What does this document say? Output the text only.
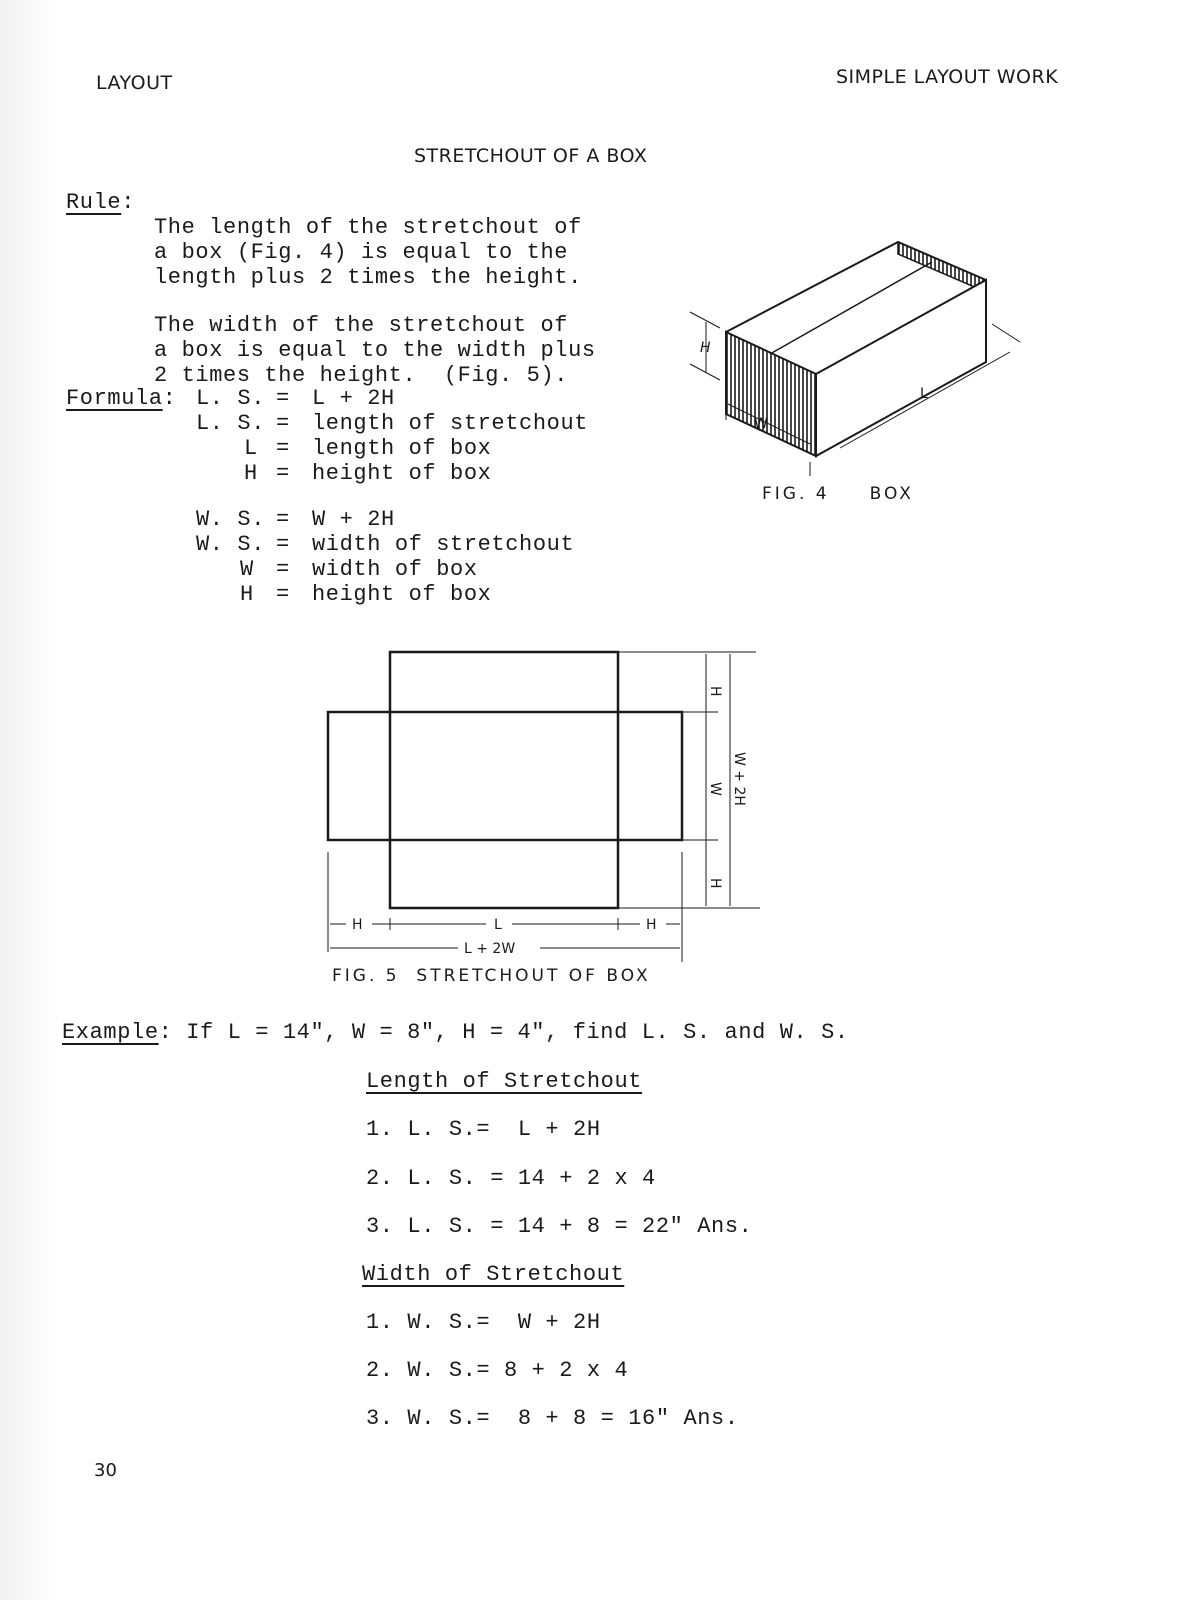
LAYOUT	SIMPLE LAYOUT WORK
STRETCHOUT OF A BOX
Rule:

The length of the stretchout of
a box (Fig. 4) is equal to the
length plus 2 times the height.

The width of the stretchout of
a box is equal to the width plus
2 times the height.  (Fig. 5).
Formula:

L. S. = L + 2H

L. S. = length of stretchout

L = length of box

H = height of box

W. S. = W + 2H

W. S. = width of stretchout

W = width of box

H = height of box

H
W
L
FIG. 4 BOX
H
W
H
W + 2H
H	L	H
L + 2W
FIG. 5  STRETCHOUT OF BOX
Example: If L = 14", W = 8", H = 4", find L. S. and W. S.
Length of Stretchout
1. L. S.=  L + 2H
2. L. S. = 14 + 2 x 4
3. L. S. = 14 + 8 = 22" Ans.
Width of Stretchout
1. W. S.=  W + 2H
2. W. S.= 8 + 2 x 4
3. W. S.=  8 + 8 = 16" Ans.
30
